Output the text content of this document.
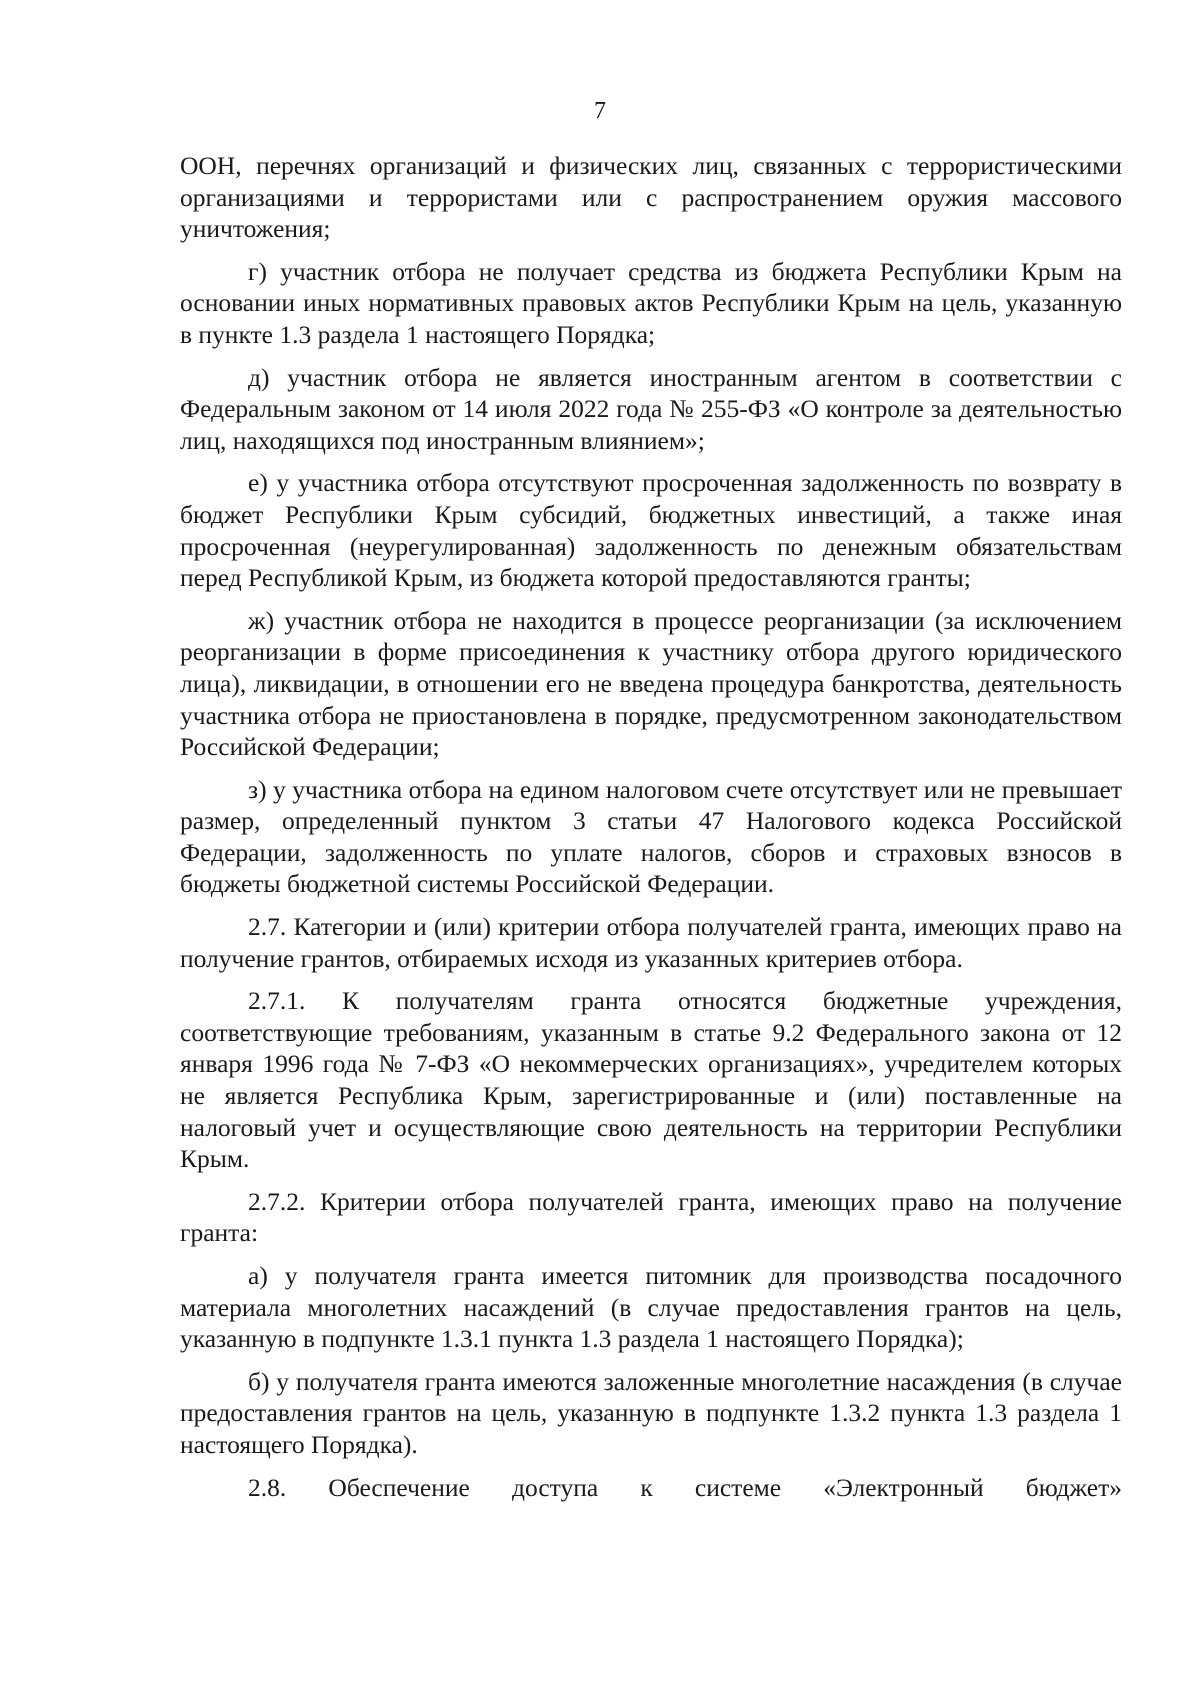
7

ООН, перечнях организаций и физических лиц, связанных с террористическими организациями и террористами или с распространением оружия массового уничтожения;

г) участник отбора не получает средства из бюджета Республики Крым на основании иных нормативных правовых актов Республики Крым на цель, указанную в пункте 1.3 раздела 1 настоящего Порядка;

д) участник отбора не является иностранным агентом в соответствии с Федеральным законом от 14 июля 2022 года № 255-ФЗ «О контроле за деятельностью лиц, находящихся под иностранным влиянием»;

е) у участника отбора отсутствуют просроченная задолженность по возврату в бюджет Республики Крым субсидий, бюджетных инвестиций, а также иная просроченная (неурегулированная) задолженность по денежным обязательствам перед Республикой Крым, из бюджета которой предоставляются гранты;

ж) участник отбора не находится в процессе реорганизации (за исключением реорганизации в форме присоединения к участнику отбора другого юридического лица), ликвидации, в отношении его не введена процедура банкротства, деятельность участника отбора не приостановлена в порядке, предусмотренном законодательством Российской Федерации;

з) у участника отбора на едином налоговом счете отсутствует или не превышает размер, определенный пунктом 3 статьи 47 Налогового кодекса Российской Федерации, задолженность по уплате налогов, сборов и страховых взносов в бюджеты бюджетной системы Российской Федерации.

2.7. Категории и (или) критерии отбора получателей гранта, имеющих право на получение грантов, отбираемых исходя из указанных критериев отбора.

2.7.1. К получателям гранта относятся бюджетные учреждения, соответствующие требованиям, указанным в статье 9.2 Федерального закона от 12 января 1996 года № 7-ФЗ «О некоммерческих организациях», учредителем которых не является Республика Крым, зарегистрированные и (или) поставленные на налоговый учет и осуществляющие свою деятельность на территории Республики Крым.

2.7.2. Критерии отбора получателей гранта, имеющих право на получение гранта:

а) у получателя гранта имеется питомник для производства посадочного материала многолетних насаждений (в случае предоставления грантов на цель, указанную в подпункте 1.3.1 пункта 1.3 раздела 1 настоящего Порядка);

б) у получателя гранта имеются заложенные многолетние насаждения (в случае предоставления грантов на цель, указанную в подпункте 1.3.2 пункта 1.3 раздела 1 настоящего Порядка).

2.8. Обеспечение доступа к системе «Электронный бюджет»
